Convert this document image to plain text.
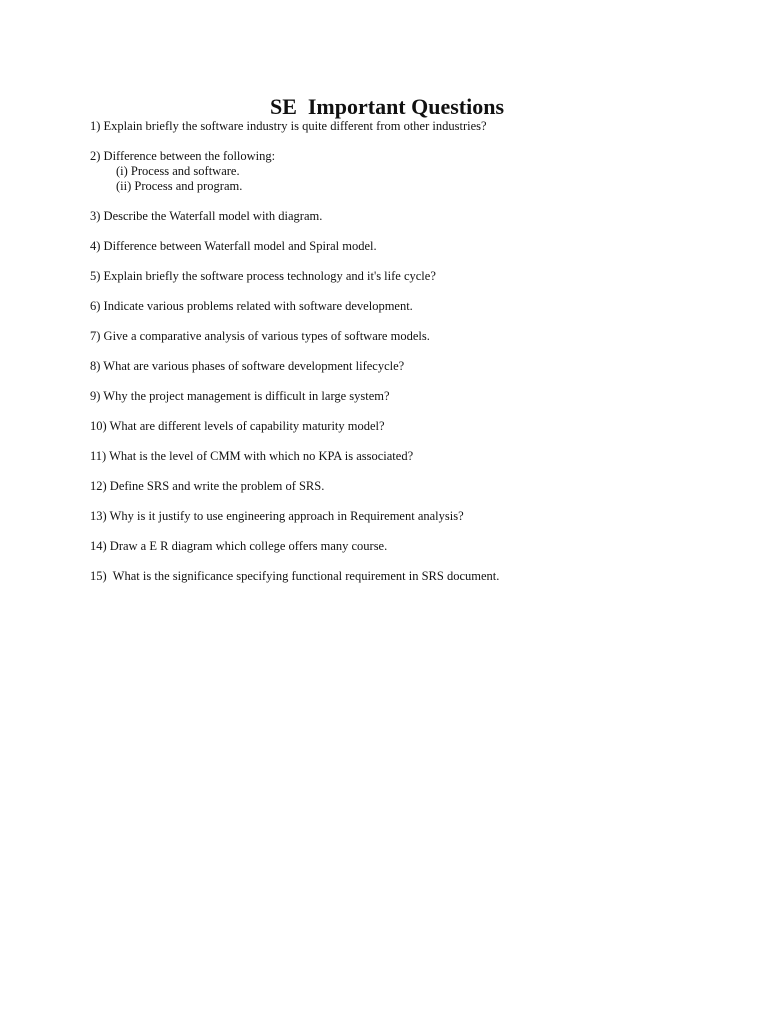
SE  Important Questions
1) Explain briefly the software industry is quite different from other industries?
2) Difference between the following:
(i) Process and software.
(ii) Process and program.
3) Describe the Waterfall model with diagram.
4) Difference between Waterfall model and Spiral model.
5) Explain briefly the software process technology and it's life cycle?
6) Indicate various problems related with software development.
7) Give a comparative analysis of various types of software models.
8) What are various phases of software development lifecycle?
9) Why the project management is difficult in large system?
10) What are different levels of capability maturity model?
11) What is the level of CMM with which no KPA is associated?
12) Define SRS and write the problem of SRS.
13) Why is it justify to use engineering approach in Requirement analysis?
14) Draw a E R diagram which college offers many course.
15)  What is the significance specifying functional requirement in SRS document.
